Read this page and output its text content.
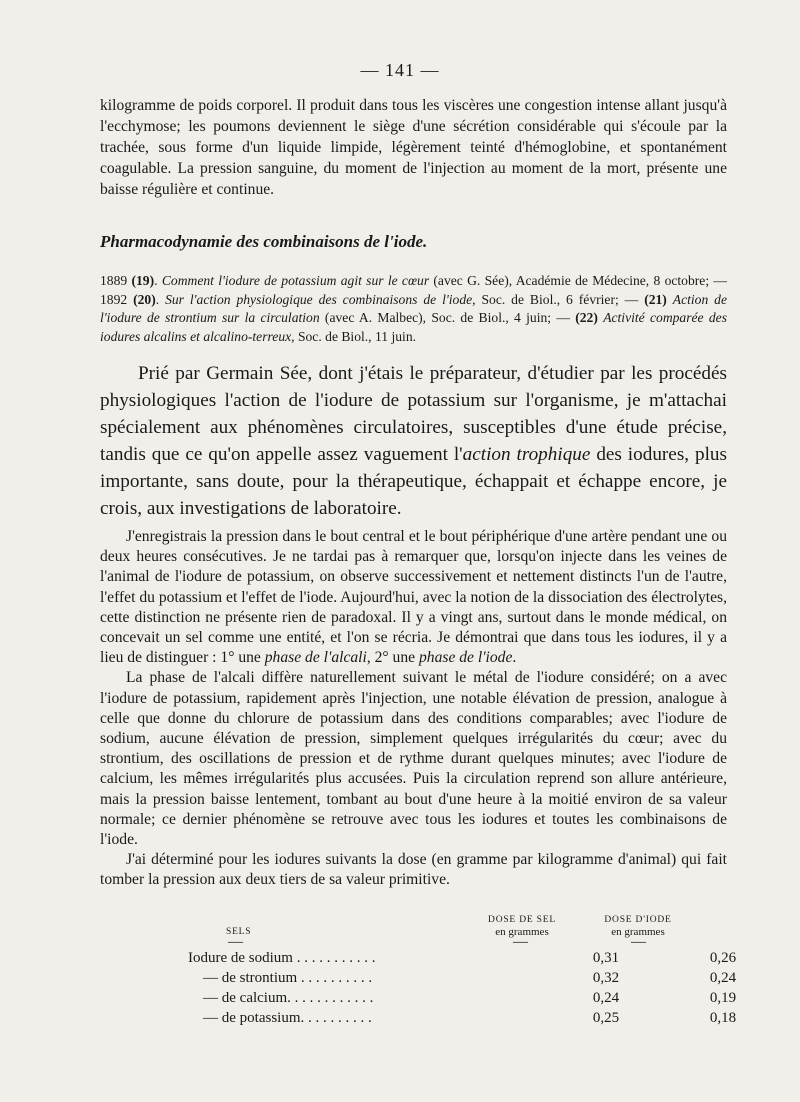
— 141 —
kilogramme de poids corporel. Il produit dans tous les viscères une congestion intense allant jusqu'à l'ecchymose; les poumons deviennent le siège d'une sécrétion considérable qui s'écoule par la trachée, sous forme d'un liquide limpide, légèrement teinté d'hémoglobine, et spontanément coagulable. La pression sanguine, du moment de l'injection au moment de la mort, présente une baisse régulière et continue.
Pharmacodynamie des combinaisons de l'iode.
1889 (19). Comment l'iodure de potassium agit sur le cœur (avec G. Sée), Académie de Médecine, 8 octobre; — 1892 (20). Sur l'action physiologique des combinaisons de l'iode, Soc. de Biol., 6 février; — (21) Action de l'iodure de strontium sur la circulation (avec A. Malbec), Soc. de Biol., 4 juin; — (22) Activité comparée des iodures alcalins et alcalino-terreux, Soc. de Biol., 11 juin.
Prié par Germain Sée, dont j'étais le préparateur, d'étudier par les procédés physiologiques l'action de l'iodure de potassium sur l'organisme, je m'attachai spécialement aux phénomènes circulatoires, susceptibles d'une étude précise, tandis que ce qu'on appelle assez vaguement l'action trophique des iodures, plus importante, sans doute, pour la thérapeutique, échappait et échappe encore, je crois, aux investigations de laboratoire.
J'enregistrais la pression dans le bout central et le bout périphérique d'une artère pendant une ou deux heures consécutives. Je ne tardai pas à remarquer que, lorsqu'on injecte dans les veines de l'animal de l'iodure de potassium, on observe successivement et nettement distincts l'un de l'autre, l'effet du potassium et l'effet de l'iode. Aujourd'hui, avec la notion de la dissociation des électrolytes, cette distinction ne présente rien de paradoxal. Il y a vingt ans, surtout dans le monde médical, on concevait un sel comme une entité, et l'on se récria. Je démontrai que dans tous les iodures, il y a lieu de distinguer : 1° une phase de l'alcali, 2° une phase de l'iode.
La phase de l'alcali diffère naturellement suivant le métal de l'iodure considéré; on a avec l'iodure de potassium, rapidement après l'injection, une notable élévation de pression, analogue à celle que donne du chlorure de potassium dans des conditions comparables; avec l'iodure de sodium, aucune élévation de pression, simplement quelques irrégularités du cœur; avec du strontium, des oscillations de pression et de rythme durant quelques minutes; avec l'iodure de calcium, les mêmes irrégularités plus accusées. Puis la circulation reprend son allure antérieure, mais la pression baisse lentement, tombant au bout d'une heure à la moitié environ de sa valeur normale; ce dernier phénomène se retrouve avec tous les iodures et toutes les combinaisons de l'iode.
J'ai déterminé pour les iodures suivants la dose (en gramme par kilogramme d'animal) qui fait tomber la pression aux deux tiers de sa valeur primitive.
SELS
DOSE DE SEL
en grammes
DOSE D'IODE
en grammes
—	—	—
Iodure de sodium . . . . . . . . . . .	0,31	0,26
— de strontium . . . . . . . . . .	0,32	0,24
— de calcium. . . . . . . . . . . .	0,24	0,19
— de potassium. . . . . . . . . .	0,25	0,18
